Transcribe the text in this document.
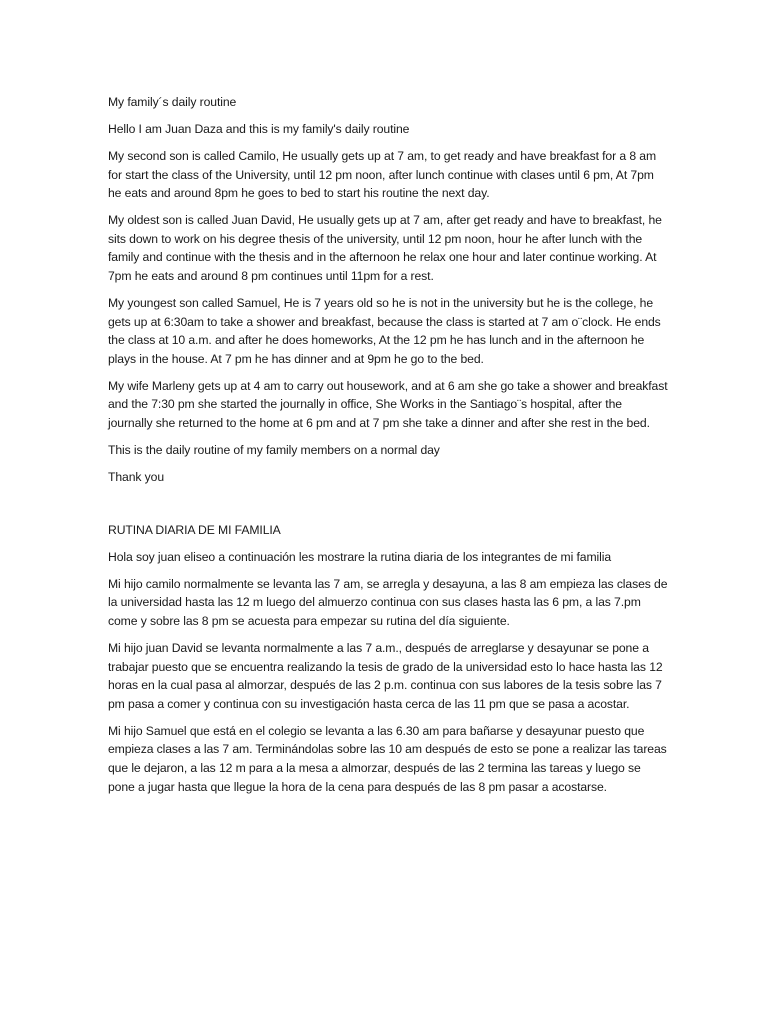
My family´s daily routine

Hello I am Juan Daza and this is my family's daily routine

My second son is called Camilo, He usually gets up at 7 am, to get ready and have breakfast for a 8 am for start the class of the University, until 12 pm noon, after lunch continue with clases until 6 pm, At 7pm he eats and around 8pm he goes to bed to start his routine the next day.

My oldest son is called Juan David, He usually gets up at 7 am, after get ready and have to breakfast, he sits down to work on his degree thesis of the university, until 12 pm noon, hour he after lunch with the family and continue with the thesis and in the afternoon he relax one hour and later continue working. At 7pm he eats and around 8 pm continues until 11pm for a rest.

My youngest son called Samuel, He is 7 years old so he is not in the university but he is the college, he gets up at 6:30am to take a shower and breakfast, because the class is started at 7 am o¨clock. He ends the class at 10 a.m. and after he does homeworks, At the 12 pm he has lunch and in the afternoon he plays in the house. At 7 pm he has dinner and at 9pm he go to the bed.

My wife Marleny gets up at 4 am to carry out housework, and at 6 am she go take a shower and breakfast and the 7:30 pm she started the journally in office, She Works in the Santiago¨s hospital, after the journally she returned to the home at 6 pm and at 7 pm she take a dinner and after she rest in the bed.

This is the daily routine of my family members on a normal day

Thank you

RUTINA DIARIA DE MI FAMILIA

Hola soy juan eliseo a continuación les mostrare la rutina diaria de los integrantes de mi familia

Mi hijo camilo normalmente se levanta las 7 am, se arregla y desayuna, a las 8 am empieza las clases de la universidad hasta las 12 m luego del almuerzo continua con sus clases hasta las 6 pm, a las 7.pm come y sobre las 8 pm se acuesta para empezar su rutina del día siguiente.

Mi hijo juan David se levanta normalmente a las 7 a.m., después de arreglarse y desayunar se pone a trabajar puesto que se encuentra realizando la tesis de grado de la universidad esto lo hace hasta las 12 horas en la cual pasa al almorzar, después de las 2 p.m. continua con sus labores de la tesis sobre las 7 pm pasa a comer y continua con su investigación hasta cerca de las 11 pm que se pasa a acostar.

Mi hijo Samuel que está en el colegio se levanta a las 6.30 am para bañarse y desayunar puesto que empieza clases a las 7 am. Terminándolas sobre las 10 am después de esto se pone a realizar las tareas que le dejaron, a las 12 m para a la mesa a almorzar, después de las 2 termina las tareas y luego se pone a jugar hasta que llegue la hora de la cena para después de las 8 pm pasar a acostarse.
